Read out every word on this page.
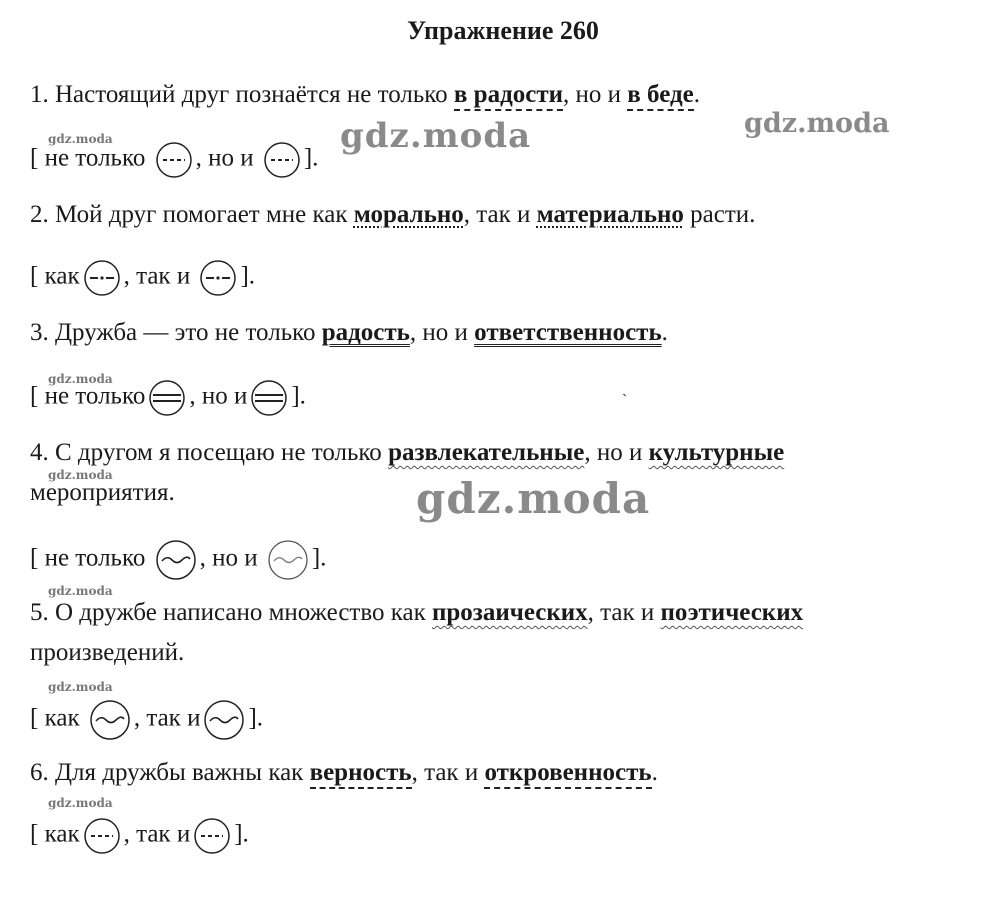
Упражнение 260
1. Настоящий друг познаётся не только в радости, но и в беде.
[ не только , но и ].
2. Мой друг помогает мне как морально, так и материально расти.
[ как , так и ].
3. Дружба — это не только радость, но и ответственность.
[ не только , но и ].
4. С другом я посещаю не только развлекательные, но и культурные
мероприятия.
[ не только , но и ].
5. О дружбе написано множество как прозаических, так и поэтических
произведений.
[ как , так и ].
6. Для дружбы важны как верность, так и откровенность.
[ как , так и ].
gdz.moda	gdz.moda
gdz.moda
gdz.moda
gdz.moda
gdz.moda
gdz.moda
gdz.moda
gdz.moda
`
